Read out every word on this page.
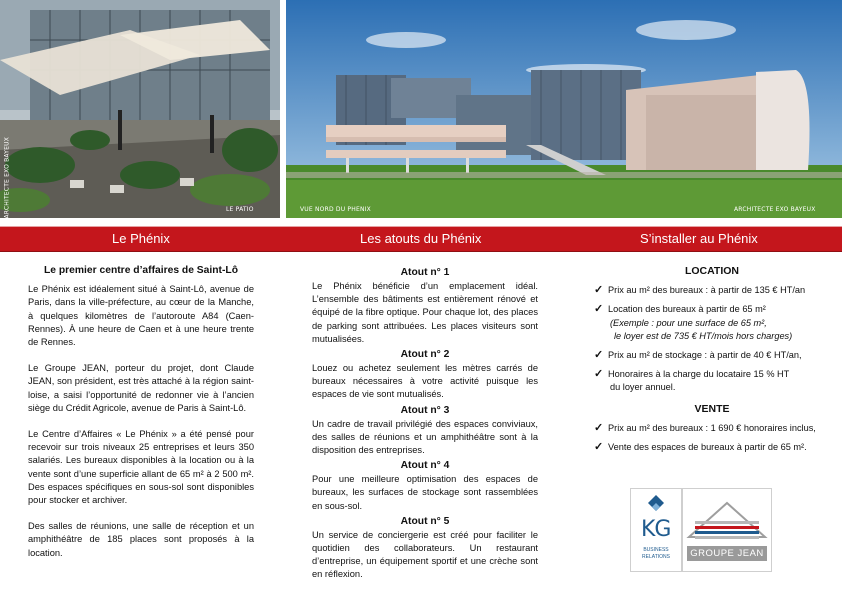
ARCHITECTE EXO BAYEUX	LE PATIO	VUE NORD DU PHENIX	ARCHITECTE EXO BAYEUX
Le Phénix	Les atouts du Phénix	S’installer au Phénix
Le premier centre d’affaires de Saint-Lô

Le Phénix est idéalement situé à Saint-Lô, avenue de Paris, dans la ville-préfecture, au cœur de la Manche, à quelques kilomètres de l’autoroute A84 (Caen-Rennes). À une heure de Caen et à une heure trente de Rennes.

Le Groupe JEAN, porteur du projet, dont Claude JEAN, son président, est très attaché à la région saint-loise, a saisi l’opportunité de redonner vie à l’ancien siège du Crédit Agricole, avenue de Paris à Saint-Lô.

Le Centre d’Affaires « Le Phénix » a été pensé pour recevoir sur trois niveaux 25 entreprises et leurs 350 salariés. Les bureaux disponibles à la location ou à la vente sont d’une superficie allant de 65 m² à 2 500 m². Des espaces spécifiques en sous-sol sont disponibles pour stocker et archiver.

Des salles de réunions, une salle de réception et un amphithéâtre de 185 places sont proposés à la location.

Atout n° 1

Le Phénix bénéficie d’un emplacement idéal. L’ensemble des bâtiments est entièrement rénové et équipé de la fibre optique. Pour chaque lot, des places de parking sont attribuées. Les places visiteurs sont mutualisées.

Atout n° 2

Louez ou achetez seulement les mètres carrés de bureaux nécessaires à votre activité puisque les espaces de vie sont mutualisés.

Atout n° 3

Un cadre de travail privilégié des espaces conviviaux, des salles de réunions et un amphithéâtre sont à la disposition des entreprises.

Atout n° 4

Pour une meilleure optimisation des espaces de bureaux, les surfaces de stockage sont rassemblées en sous-sol.

Atout n° 5

Un service de conciergerie est créé pour faciliter le quotidien des collaborateurs. Un restaurant d’entreprise, un équipement sportif et une crèche sont en réflexion.

LOCATION
✓ Prix au m² des bureaux : à partir de 135 € HT/an
✓ Location des bureaux à partir de 65 m²
(Exemple : pour une surface de 65 m²,
le loyer est de 735 € HT/mois hors charges)
✓ Prix au m² de stockage : à partir de 40 € HT/an,
✓ Honoraires à la charge du locataire 15 % HT
du loyer annuel.
VENTE
✓ Prix au m² des bureaux : 1 690 € honoraires inclus,
✓ Vente des espaces de bureaux à partir de 65 m².
KG
BUSINESS
RELATIONS	GROUPE JEAN
